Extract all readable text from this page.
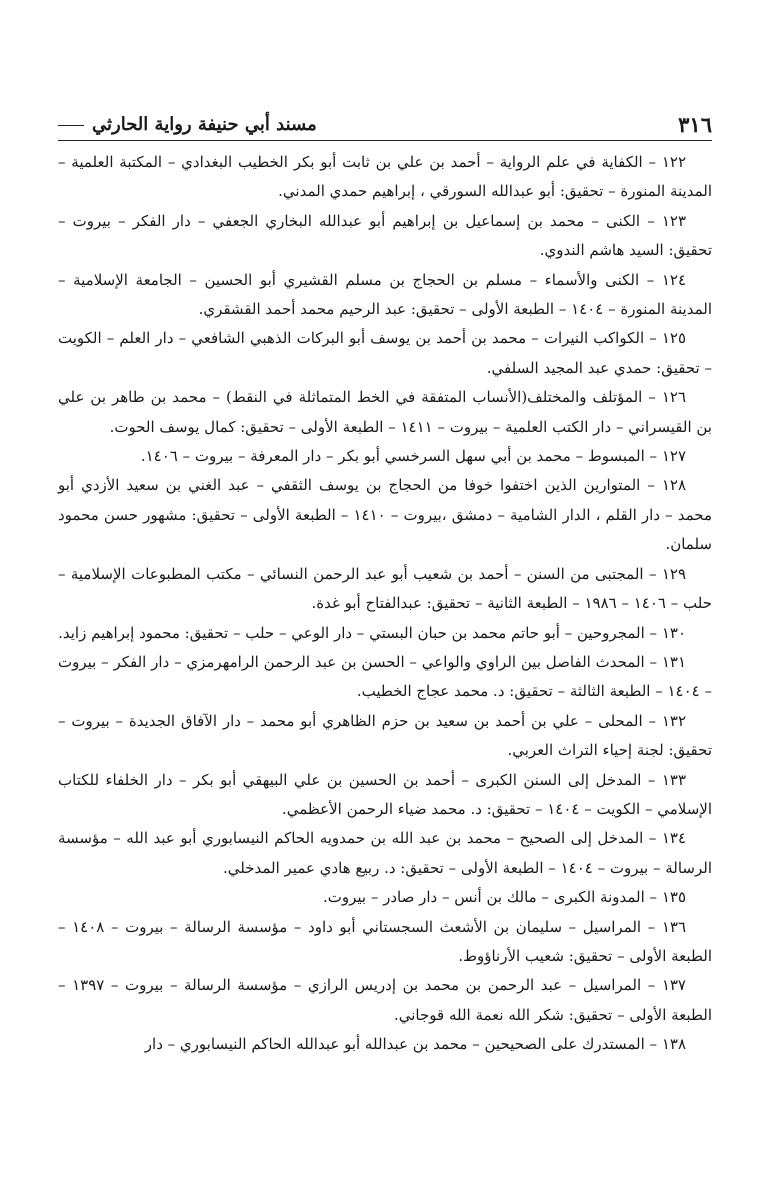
٣١٦
مسند أبي حنيفة رواية الحارثي

١٢٢ – الكفاية في علم الرواية – أحمد بن علي بن ثابت أبو بكر الخطيب البغدادي – المكتبة العلمية – المدينة المنورة – تحقيق: أبو عبدالله السورقي ، إبراهيم حمدي المدني.

١٢٣ – الكنى – محمد بن إسماعيل بن إبراهيم أبو عبدالله البخاري الجعفي – دار الفكر – بيروت – تحقيق: السيد هاشم الندوي.

١٢٤ – الكنى والأسماء – مسلم بن الحجاج بن مسلم القشيري أبو الحسين – الجامعة الإسلامية – المدينة المنورة – ١٤٠٤ – الطبعة الأولى – تحقيق: عبد الرحيم محمد أحمد القشقري.

١٢٥ – الكواكب النيرات – محمد بن أحمد بن يوسف أبو البركات الذهبي الشافعي – دار العلم – الكويت – تحقيق: حمدي عبد المجيد السلفي.

١٢٦ – المؤتلف والمختلف(الأنساب المتفقة في الخط المتماثلة في النقط) – محمد بن طاهر بن علي بن القيسراني – دار الكتب العلمية – بيروت – ١٤١١ – الطبعة الأولى – تحقيق: كمال يوسف الحوت.

١٢٧ – المبسوط – محمد بن أبي سهل السرخسي أبو بكر – دار المعرفة – بيروت – ١٤٠٦.

١٢٨ – المتوارين الذين اختفوا خوفا من الحجاج بن يوسف الثقفي – عبد الغني بن سعيد الأزدي أبو محمد – دار القلم ، الدار الشامية – دمشق ،بيروت – ١٤١٠ – الطبعة الأولى – تحقيق: مشهور حسن محمود سلمان.

١٢٩ – المجتبى من السنن – أحمد بن شعيب أبو عبد الرحمن النسائي – مكتب المطبوعات الإسلامية – حلب – ١٤٠٦ – ١٩٨٦ – الطبعة الثانية – تحقيق: عبدالفتاح أبو غدة.

١٣٠ – المجروحين – أبو حاتم محمد بن حبان البستي – دار الوعي – حلب – تحقيق: محمود إبراهيم زايد.

١٣١ – المحدث الفاصل بين الراوي والواعي – الحسن بن عبد الرحمن الرامهرمزي – دار الفكر – بيروت – ١٤٠٤ – الطبعة الثالثة – تحقيق: د. محمد عجاج الخطيب.

١٣٢ – المحلى – علي بن أحمد بن سعيد بن حزم الظاهري أبو محمد – دار الآفاق الجديدة – بيروت – تحقيق: لجنة إحياء التراث العربي.

١٣٣ – المدخل إلى السنن الكبرى – أحمد بن الحسين بن علي البيهقي أبو بكر – دار الخلفاء للكتاب الإسلامي – الكويت – ١٤٠٤ – تحقيق: د. محمد ضياء الرحمن الأعظمي.

١٣٤ – المدخل إلى الصحيح – محمد بن عبد الله بن حمدويه الحاكم النيسابوري أبو عبد الله – مؤسسة الرسالة – بيروت – ١٤٠٤ – الطبعة الأولى – تحقيق: د. ربيع هادي عمير المدخلي.

١٣٥ – المدونة الكبرى – مالك بن أنس – دار صادر – بيروت.

١٣٦ – المراسيل – سليمان بن الأشعث السجستاني أبو داود – مؤسسة الرسالة – بيروت – ١٤٠٨ – الطبعة الأولى – تحقيق: شعيب الأرناؤوط.

١٣٧ – المراسيل – عبد الرحمن بن محمد بن إدريس الرازي – مؤسسة الرسالة – بيروت – ١٣٩٧ – الطبعة الأولى – تحقيق: شكر الله نعمة الله قوجاني.

١٣٨ – المستدرك على الصحيحين – محمد بن عبدالله أبو عبدالله الحاكم النيسابوري – دار
